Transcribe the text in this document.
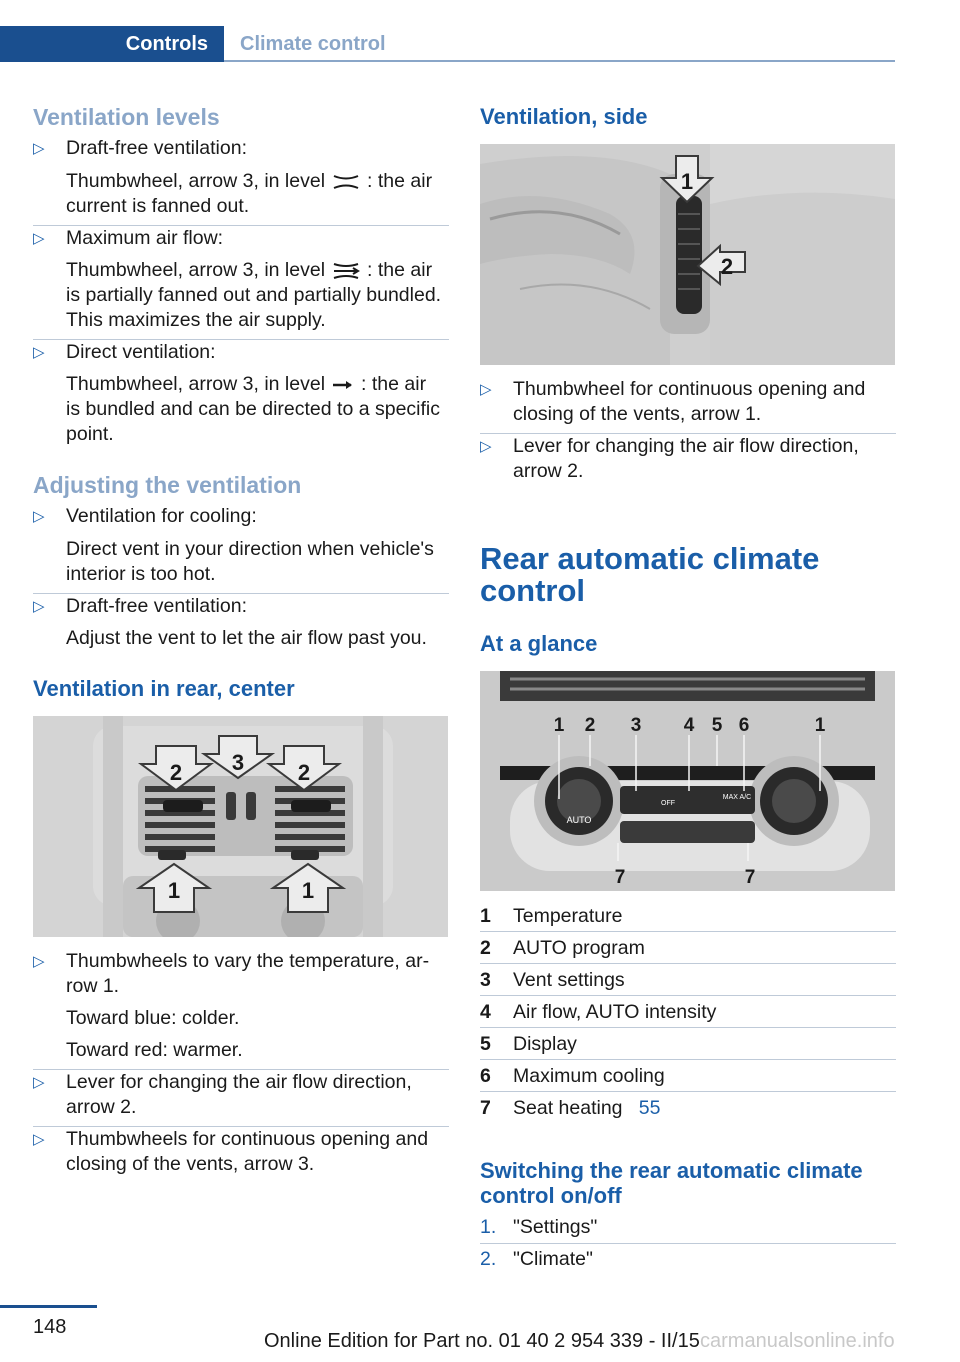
Controls	Climate control
Ventilation levels
▷ Draft-free ventilation:
Thumbwheel, arrow 3, in level : the air
current is fanned out.
▷ Maximum air flow:
Thumbwheel, arrow 3, in level : the air
is partially fanned out and partially bundled.
This maximizes the air supply.
▷ Direct ventilation:
Thumbwheel, arrow 3, in level : the air
is bundled and can be directed to a specific
point.
Adjusting the ventilation
▷ Ventilation for cooling:
Direct vent in your direction when vehicle's
interior is too hot.
▷ Draft-free ventilation:
Adjust the vent to let the air flow past you.
Ventilation in rear, center
2 3 2
1	1
▷ Thumbwheels to vary the temperature, ar-
row 1.
Toward blue: colder.
Toward red: warmer.
▷ Lever for changing the air flow direction,
arrow 2.
▷ Thumbwheels for continuous opening and
closing of the vents, arrow 3.
Ventilation, side
1
2
▷ Thumbwheel for continuous opening and
closing of the vents, arrow 1.
▷ Lever for changing the air flow direction,
arrow 2.
Rear automatic climate
control
At a glance
AUTO
OFF
MAX A/C
1 2 3 4 5 6	1
7	7
1 Temperature
2 AUTO program
3 Vent settings
4 Air flow, AUTO intensity
5 Display
6 Maximum cooling
7 Seat heating 55
Switching the rear automatic climate
control on/off
1. "Settings"
2. "Climate"
148
Online Edition for Part no. 01 40 2 954 339 - II/15 carmanualsonline.info
